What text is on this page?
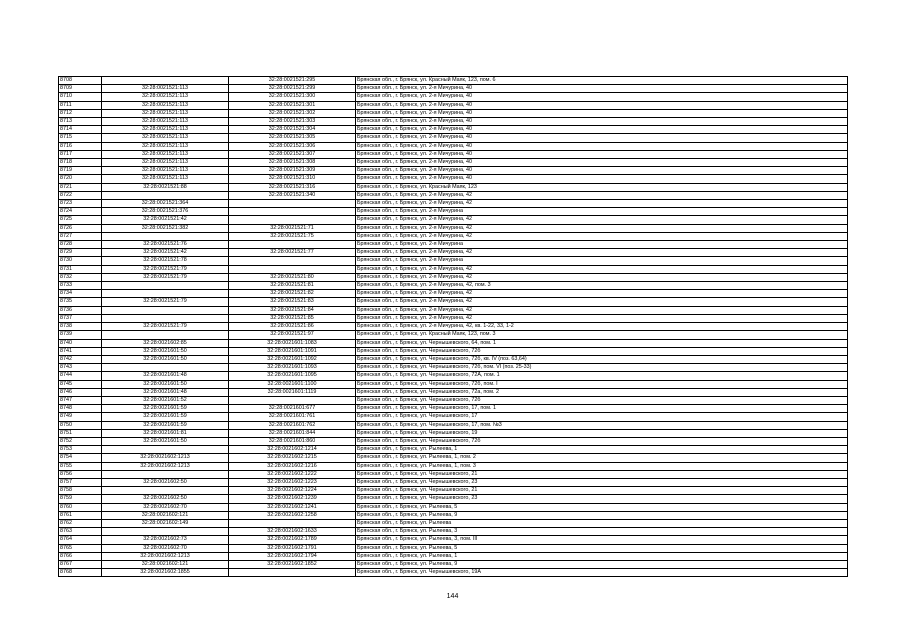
8708		32:28:0021521:295	Брянская обл., г. Брянск, ул. Красный Маяк, 123, пом. 6
8709	32:28:0021521:113	32:28:0021521:299	Брянская обл., г. Брянск, ул. 2-я Мичурина, 40
8710	32:28:0021521:113	32:28:0021521:300	Брянская обл., г. Брянск, ул. 2-я Мичурина, 40
8711	32:28:0021521:113	32:28:0021521:301	Брянская обл., г. Брянск, ул. 2-я Мичурина, 40
8712	32:28:0021521:113	32:28:0021521:302	Брянская обл., г. Брянск, ул. 2-я Мичурина, 40
8713	32:28:0021521:113	32:28:0021521:303	Брянская обл., г. Брянск, ул. 2-я Мичурина, 40
8714	32:28:0021521:113	32:28:0021521:304	Брянская обл., г. Брянск, ул. 2-я Мичурина, 40
8715	32:28:0021521:113	32:28:0021521:305	Брянская обл., г. Брянск, ул. 2-я Мичурина, 40
8716	32:28:0021521:113	32:28:0021521:306	Брянская обл., г. Брянск, ул. 2-я Мичурина, 40
8717	32:28:0021521:113	32:28:0021521:307	Брянская обл., г. Брянск, ул. 2-я Мичурина, 40
8718	32:28:0021521:113	32:28:0021521:308	Брянская обл., г. Брянск, ул. 2-я Мичурина, 40
8719	32:28:0021521:113	32:28:0021521:309	Брянская обл., г. Брянск, ул. 2-я Мичурина, 40
8720	32:28:0021521:113	32:28:0021521:310	Брянская обл., г. Брянск, ул. 2-я Мичурина, 40
8721	32:28:0021521:88	32:28:0021521:316	Брянская обл., г. Брянск, ул. Красный Маяк, 123
8722		32:28:0021521:340	Брянская обл., г. Брянск, ул. 2-я Мичурина, 42
8723	32:28:0021521:364		Брянская обл., г. Брянск, ул. 2-я Мичурина, 42
8724	32:28:0021521:376		Брянская обл., г. Брянск, ул. 2-я Мичурина
8725	32:28:0021521:42		Брянская обл., г. Брянск, ул. 2-я Мичурина, 42
8726	32:28:0021521:382	32:28:0021521:71	Брянская обл., г. Брянск, ул. 2-я Мичурина, 42
8727		32:28:0021521:75	Брянская обл., г. Брянск, ул. 2-я Мичурина, 42
8728	32:28:0021521:76		Брянская обл., г. Брянск, ул. 2-я Мичурина
8729	32:28:0021521:42	32:28:0021521:77	Брянская обл., г. Брянск, ул. 2-я Мичурина, 42
8730	32:28:0021521:78		Брянская обл., г. Брянск, ул. 2-я Мичурина
8731	32:28:0021521:79		Брянская обл., г. Брянск, ул. 2-я Мичурина, 42
8732	32:28:0021521:79	32:28:0021521:80	Брянская обл., г. Брянск, ул. 2-я Мичурина, 42
8733		32:28:0021521:81	Брянская обл., г. Брянск, ул. 2-я Мичурина, 42, пом. 3
8734		32:28:0021521:82	Брянская обл., г. Брянск, ул. 2-я Мичурина, 42
8735	32:28:0021521:79	32:28:0021521:83	Брянская обл., г. Брянск, ул. 2-я Мичурина, 42
8736		32:28:0021521:84	Брянская обл., г. Брянск, ул. 2-я Мичурина, 42
8737		32:28:0021521:85	Брянская обл., г. Брянск, ул. 2-я Мичурина, 42
8738	32:28:0021521:79	32:28:0021521:86	Брянская обл., г. Брянск, ул. 2-я Мичурина, 42, кв. 1-22, 33, 1-2
8739		32:28:0021521:97	Брянская обл., г. Брянск, ул. Красный Маяк, 123, пом. 3
8740	32:28:0021602:85	32:28:0021601:1083	Брянская обл., г. Брянск, ул. Чернышевского, 64, пом. 1
8741	32:28:0021601:50	32:28:0021601:1091	Брянская обл., г. Брянск, ул. Чернышевского, 72б
8742	32:28:0021601:50	32:28:0021601:1092	Брянская обл., г. Брянск, ул. Чернышевского, 72б, кв. IV (поз. 63,64)
8743		32:28:0021601:1093	Брянская обл., г. Брянск, ул. Чернышевского, 72б, пом. VI (поз. 25-33)
8744	32:28:0021601:48	32:28:0021601:1095	Брянская обл., г. Брянск, ул. Чернышевского, 72А, пом. 1
8745	32:28:0021601:50	32:28:0021601:1100	Брянская обл., г. Брянск, ул. Чернышевского, 72б, пом. I
8746	32:28:0021601:48	32:28:0021601:1119	Брянская обл., г. Брянск, ул. Чернышевского, 72а, пом. 2
8747	32:28:0021601:52		Брянская обл., г. Брянск, ул. Чернышевского, 72б
8748	32:28:0021601:59	32:28:0021601:677	Брянская обл., г. Брянск, ул. Чернышевского, 17, пом. 1
8749	32:28:0021601:59	32:28:0021601:761	Брянская обл., г. Брянск, ул. Чернышевского, 17
8750	32:28:0021601:59	32:28:0021601:762	Брянская обл., г. Брянск, ул. Чернышевского, 17, пом. №3
8751	32:28:0021601:81	32:28:0021601:844	Брянская обл., г. Брянск, ул. Чернышевского, 19
8752	32:28:0021601:50	32:28:0021601:860	Брянская обл., г. Брянск, ул. Чернышевского, 72б
8753		32:28:0021602:1214	Брянская обл., г. Брянск, ул. Рылеева, 1
8754	32:28:0021602:1213	32:28:0021602:1215	Брянская обл., г. Брянск, ул. Рылеева, 1, пом. 2
8755	32:28:0021602:1213	32:28:0021602:1216	Брянская обл., г. Брянск, ул. Рылеева, 1, пом. 3
8756		32:28:0021602:1222	Брянская обл., г. Брянск, ул. Чернышевского, 21
8757	32:28:0021602:50	32:28:0021602:1223	Брянская обл., г. Брянск, ул. Чернышевского, 23
8758		32:28:0021602:1224	Брянская обл., г. Брянск, ул. Чернышевского, 21
8759	32:28:0021602:50	32:28:0021602:1239	Брянская обл., г. Брянск, ул. Чернышевского, 23
8760	32:28:0021602:70	32:28:0021602:1241	Брянская обл., г. Брянск, ул. Рылеева, 5
8761	32:28:0021602:121	32:28:0021602:1258	Брянская обл., г. Брянск, ул. Рылеева, 9
8762	32:28:0021602:149		Брянская обл., г. Брянск, ул. Рылеева
8763		32:28:0021602:1633	Брянская обл., г. Брянск, ул. Рылеева, 3
8764	32:28:0021602:73	32:28:0021602:1789	Брянская обл., г. Брянск, ул. Рылеева, 3, пом. III
8765	32:28:0021602:70	32:28:0021602:1791	Брянская обл., г. Брянск, ул. Рылеева, 5
8766	32:28:0021602:1213	32:28:0021602:1794	Брянская обл., г. Брянск, ул. Рылеева, 1
8767	32:28:0021602:121	32:28:0021602:1852	Брянская обл., г. Брянск, ул. Рылеева, 9
8768	32:28:0021602:1855		Брянская обл., г. Брянск, ул. Чернышевского, 19А
144
